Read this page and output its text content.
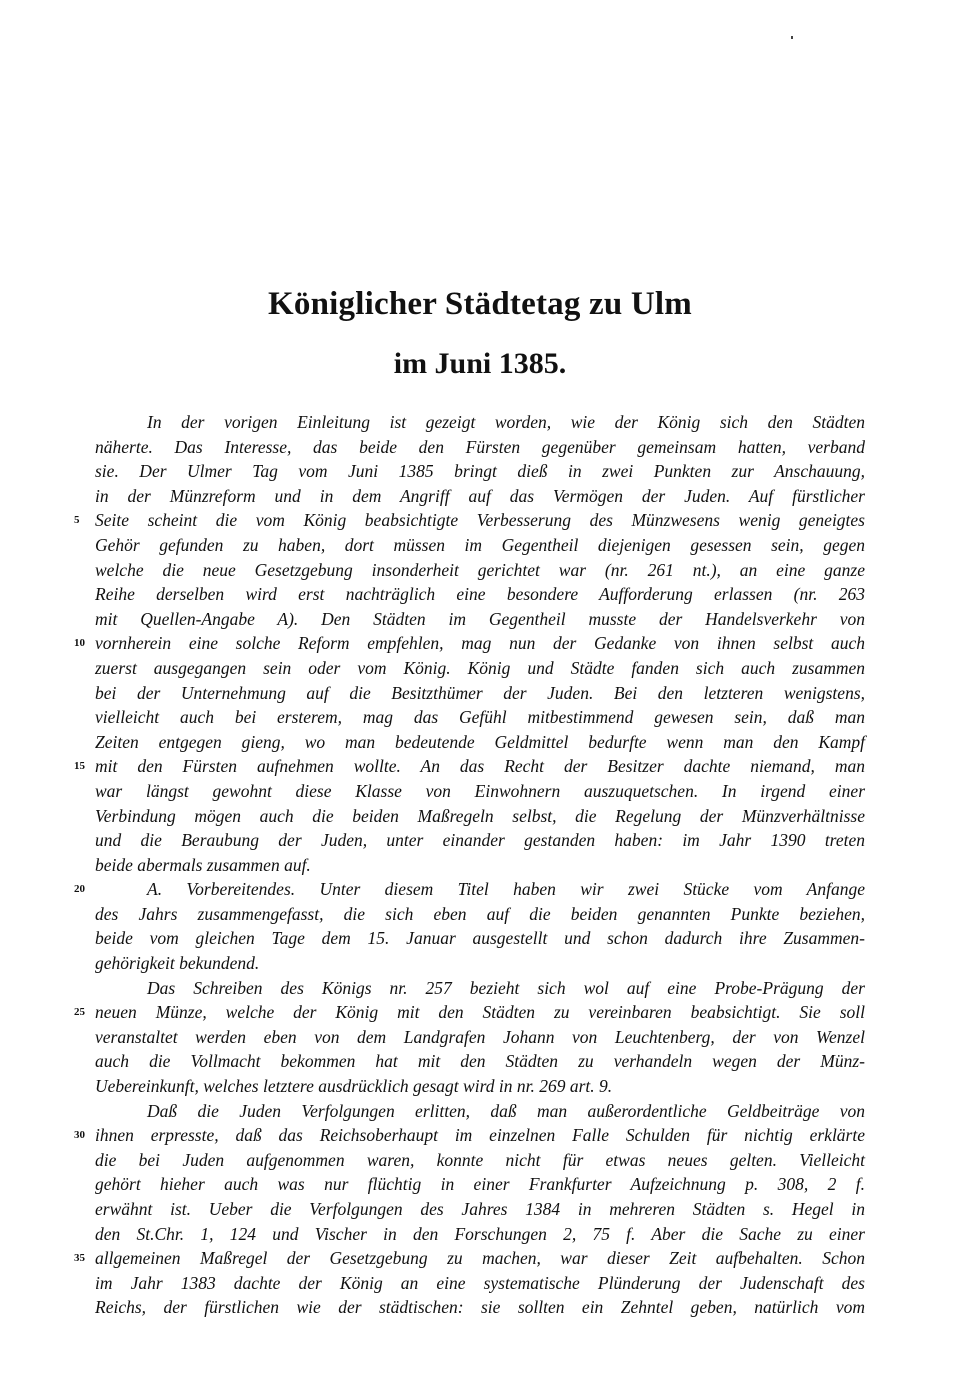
Königlicher Städtetag zu Ulm
im Juni 1385.
In der vorigen Einleitung ist gezeigt worden, wie der König sich den Städten
näherte. Das Interesse, das beide den Fürsten gegenüber gemeinsam hatten, verband
sie. Der Ulmer Tag vom Juni 1385 bringt dieß in zwei Punkten zur Anschauung,
in der Münzreform und in dem Angriff auf das Vermögen der Juden. Auf fürstlicher
5 Seite scheint die vom König beabsichtigte Verbesserung des Münzwesens wenig geneigtes
Gehör gefunden zu haben, dort müssen im Gegentheil diejenigen gesessen sein, gegen
welche die neue Gesetzgebung insonderheit gerichtet war (nr. 261 nt.), an eine ganze
Reihe derselben wird erst nachträglich eine besondere Aufforderung erlassen (nr. 263
mit Quellen-Angabe A). Den Städten im Gegentheil musste der Handelsverkehr von
10 vornherein eine solche Reform empfehlen, mag nun der Gedanke von ihnen selbst auch
zuerst ausgegangen sein oder vom König. König und Städte fanden sich auch zusammen
bei der Unternehmung auf die Besitzthümer der Juden. Bei den letzteren wenigstens,
vielleicht auch bei ersterem, mag das Gefühl mitbestimmend gewesen sein, daß man
Zeiten entgegen gieng, wo man bedeutende Geldmittel bedurfte wenn man den Kampf
15 mit den Fürsten aufnehmen wollte. An das Recht der Besitzer dachte niemand, man
war längst gewohnt diese Klasse von Einwohnern auszuquetschen. In irgend einer
Verbindung mögen auch die beiden Maßregeln selbst, die Regelung der Münzverhältnisse
und die Beraubung der Juden, unter einander gestanden haben: im Jahr 1390 treten
beide abermals zusammen auf.
20	A. Vorbereitendes. Unter diesem Titel haben wir zwei Stücke vom Anfange
des Jahrs zusammengefasst, die sich eben auf die beiden genannten Punkte beziehen,
beide vom gleichen Tage dem 15. Januar ausgestellt und schon dadurch ihre Zusammen-
gehörigkeit bekundend.
Das Schreiben des Königs nr. 257 bezieht sich wol auf eine Probe-Prägung der
25 neuen Münze, welche der König mit den Städten zu vereinbaren beabsichtigt. Sie soll
veranstaltet werden eben von dem Landgrafen Johann von Leuchtenberg, der von Wenzel
auch die Vollmacht bekommen hat mit den Städten zu verhandeln wegen der Münz-
Uebereinkunft, welches letztere ausdrücklich gesagt wird in nr. 269 art. 9.
Daß die Juden Verfolgungen erlitten, daß man außerordentliche Geldbeiträge von
30 ihnen erpresste, daß das Reichsoberhaupt im einzelnen Falle Schulden für nichtig erklärte
die bei Juden aufgenommen waren, konnte nicht für etwas neues gelten. Vielleicht
gehört hieher auch was nur flüchtig in einer Frankfurter Aufzeichnung p. 308, 2 f.
erwähnt ist. Ueber die Verfolgungen des Jahres 1384 in mehreren Städten s. Hegel in
den St.Chr. 1, 124 und Vischer in den Forschungen 2, 75 f. Aber die Sache zu einer
35 allgemeinen Maßregel der Gesetzgebung zu machen, war dieser Zeit aufbehalten. Schon
im Jahr 1383 dachte der König an eine systematische Plünderung der Judenschaft des
Reichs, der fürstlichen wie der städtischen: sie sollten ein Zehntel geben, natürlich vom
